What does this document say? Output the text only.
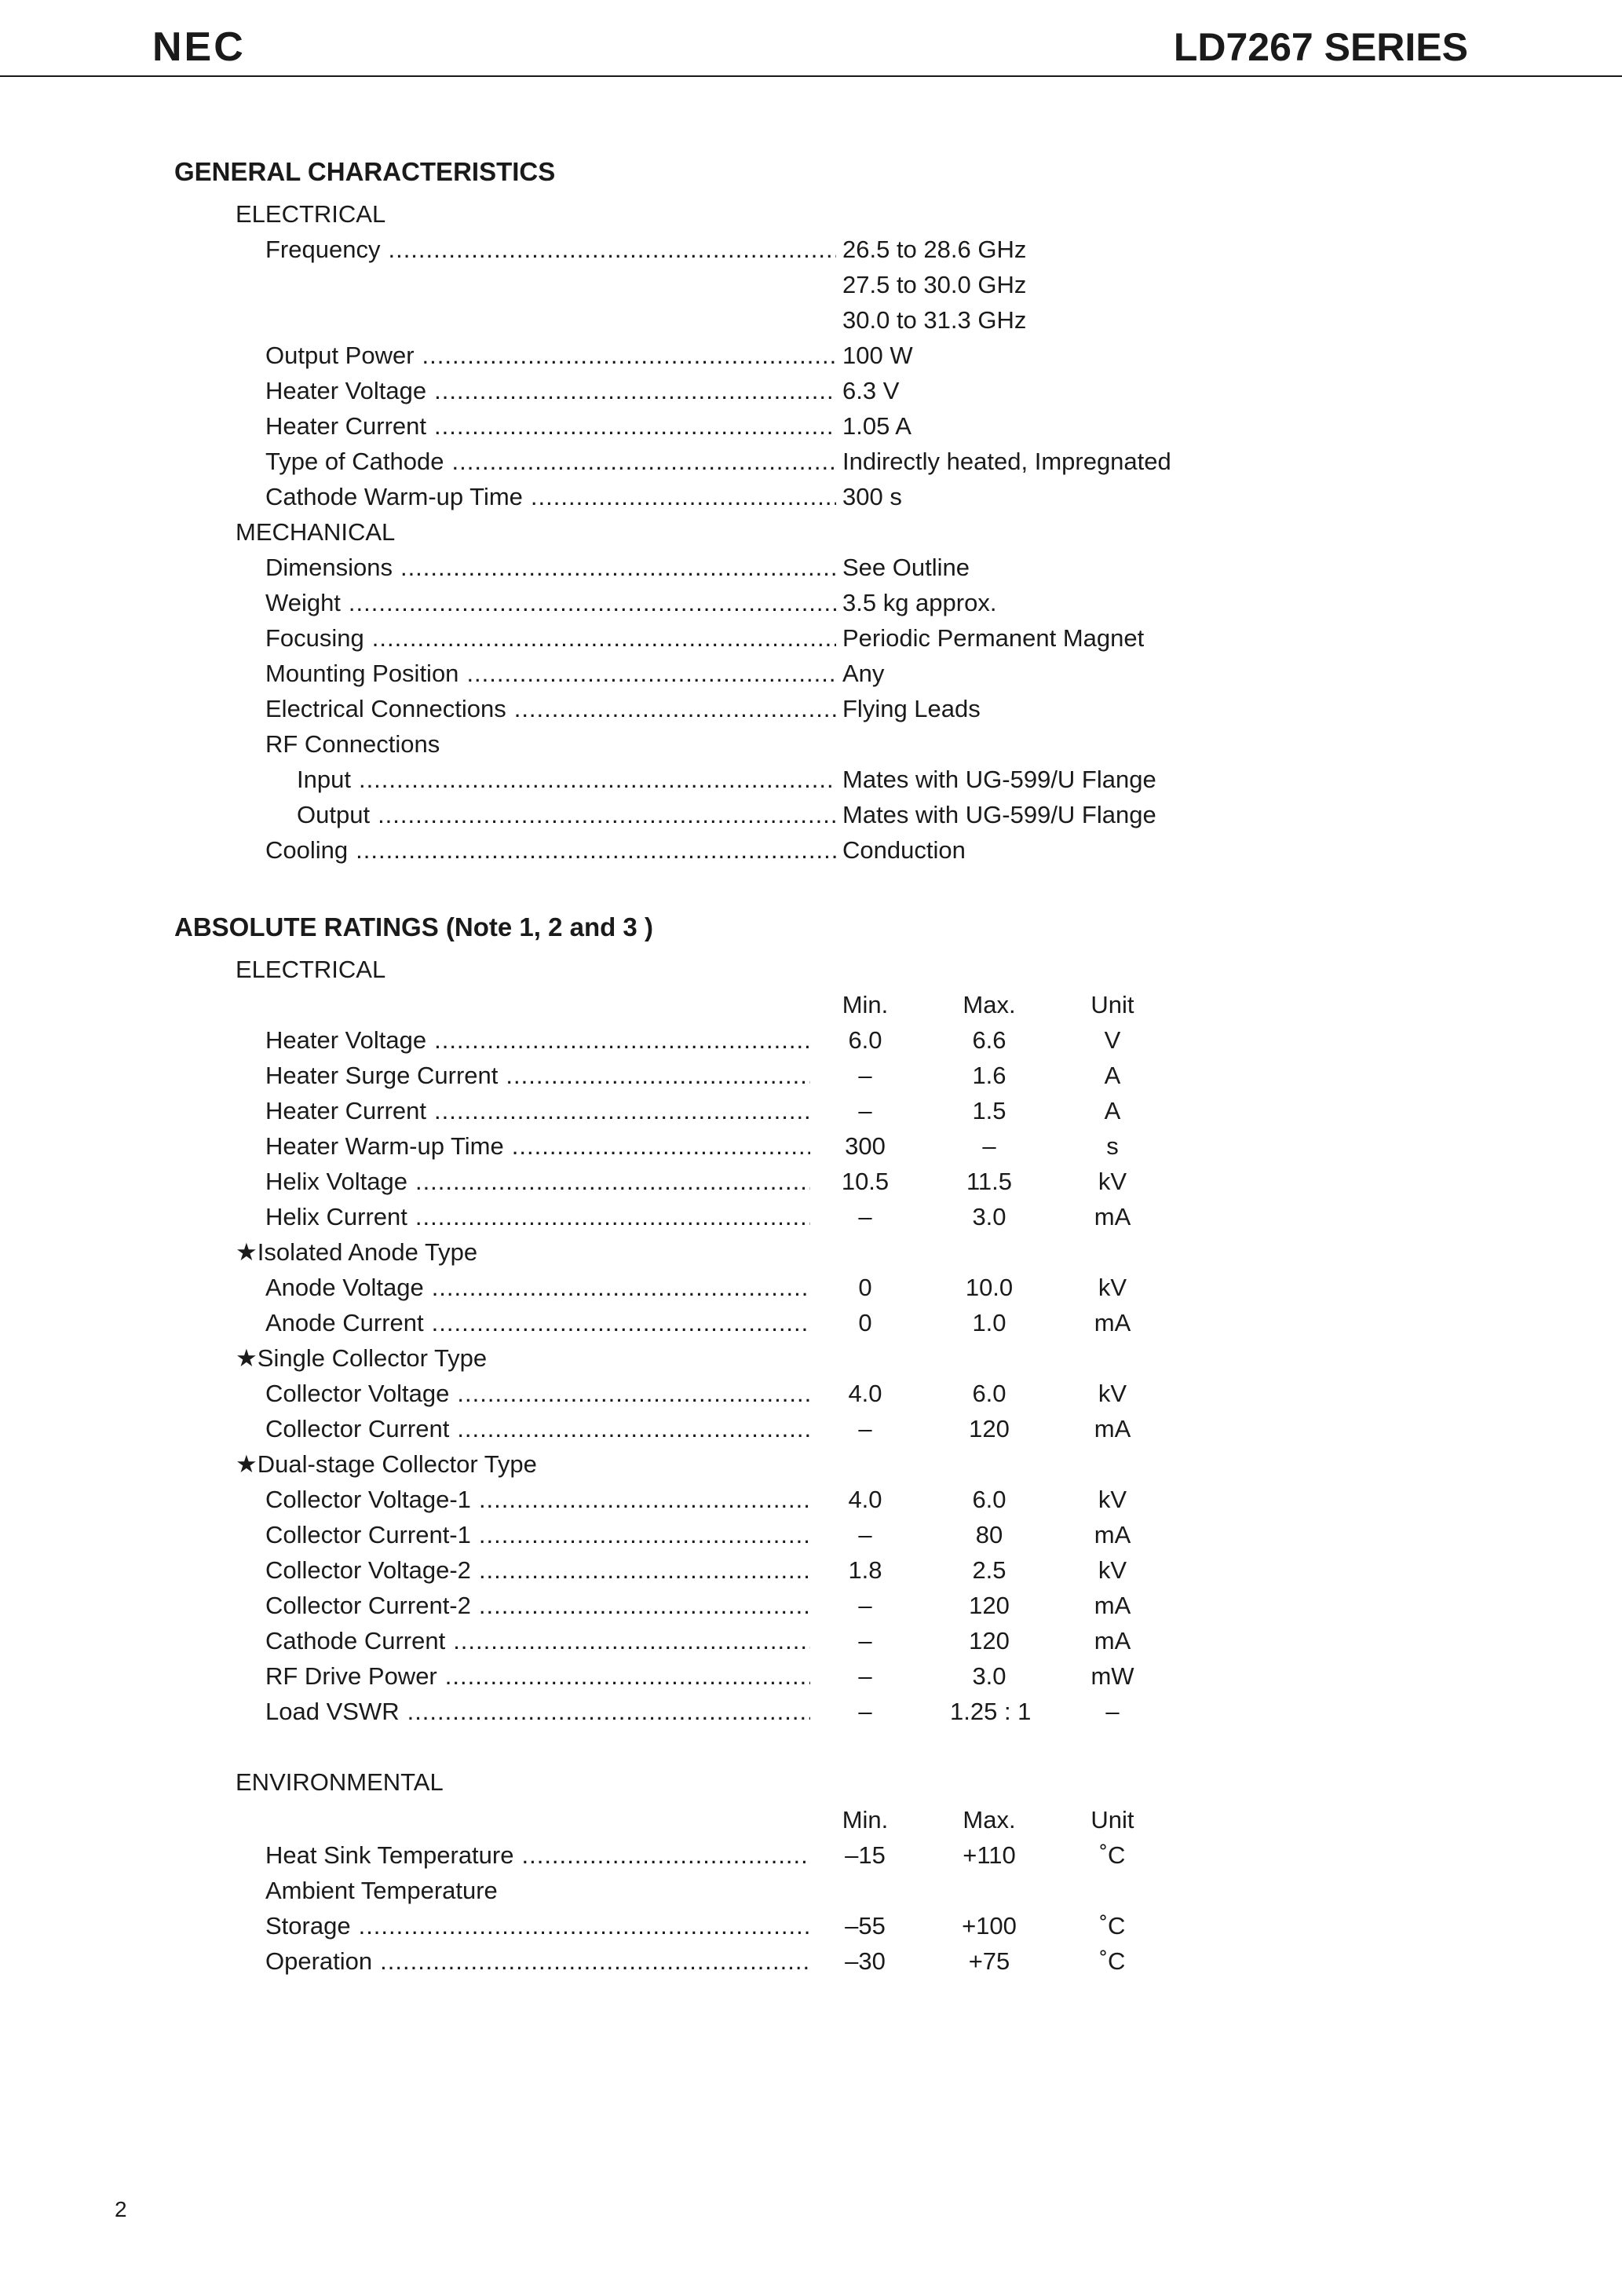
NEC	LD7267 SERIES
GENERAL CHARACTERISTICS
ELECTRICAL
Frequency .....	26.5 to 28.6 GHz
27.5 to 30.0 GHz
30.0 to 31.3 GHz
Output Power .....	100 W
Heater Voltage .....	6.3 V
Heater Current .....	1.05 A
Type of Cathode .....	Indirectly heated, Impregnated
Cathode Warm-up Time .....	300 s
MECHANICAL
Dimensions .....	See Outline
Weight .....	3.5 kg approx.
Focusing .....	Periodic Permanent Magnet
Mounting Position .....	Any
Electrical Connections .....	Flying Leads
RF Connections
Input .....	Mates with UG-599/U Flange
Output .....	Mates with UG-599/U Flange
Cooling .....	Conduction
ABSOLUTE RATINGS (Note 1, 2 and 3 )
ELECTRICAL
Min.	Max.	Unit
Heater Voltage .....	6.0	6.6	V
Heater Surge Current .....	–	1.6	A
Heater Current .....	–	1.5	A
Heater Warm-up Time .....	300	–	s
Helix Voltage .....	10.5	11.5	kV
Helix Current .....	–	3.0	mA
★Isolated Anode Type
Anode Voltage .....	0	10.0	kV
Anode Current .....	0	1.0	mA
★Single Collector Type
Collector Voltage .....	4.0	6.0	kV
Collector Current .....	–	120	mA
★Dual-stage Collector Type
Collector Voltage-1 .....	4.0	6.0	kV
Collector Current-1 .....	–	80	mA
Collector Voltage-2 .....	1.8	2.5	kV
Collector Current-2 .....	–	120	mA
Cathode Current .....	–	120	mA
RF Drive Power .....	–	3.0	mW
Load VSWR .....	–	1.25 : 1	–
ENVIRONMENTAL
Min.	Max.	Unit
Heat Sink Temperature .....	–15	+110	˚C
Ambient Temperature
Storage .....	–55	+100	˚C
Operation .....	–30	+75	˚C
2
